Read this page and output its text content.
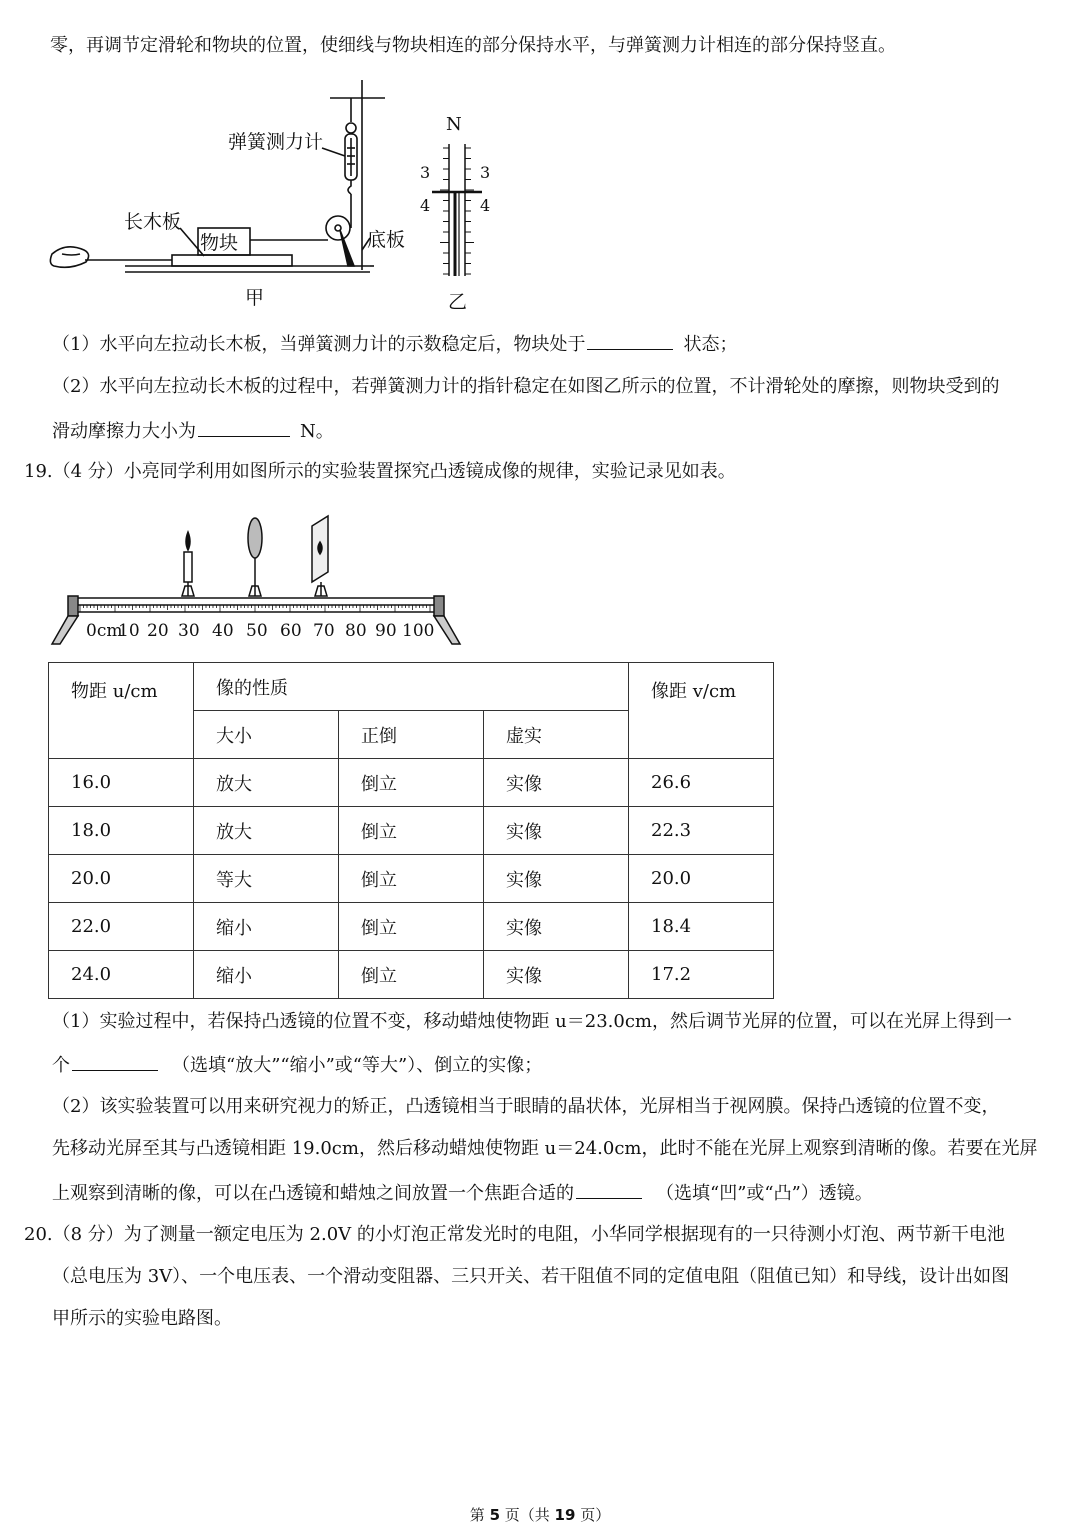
零，再调节定滑轮和物块的位置，使细线与物块相连的部分保持水平，与弹簧测力计相连的部分保持竖直。
弹簧测力计
长木板
物块	底板
甲
N
3	3
4	4
乙
（1）水平向左拉动长木板，当弹簧测力计的示数稳定后，物块处于	状态；
（2）水平向左拉动长木板的过程中，若弹簧测力计的指针稳定在如图乙所示的位置，不计滑轮处的摩擦，则物块受到的
滑动摩擦力大小为	N。
19.（4 分）小亮同学利用如图所示的实验装置探究凸透镜成像的规律，实验记录见如表。
0cm
10 20 30 40 50 60 70 80 90 100
物距 u/cm	像的性质			像距 v/cm
	大小	正倒	虚实	
16.0	放大	倒立	实像	26.6
18.0	放大	倒立	实像	22.3
20.0	等大	倒立	实像	20.0
22.0	缩小	倒立	实像	18.4
24.0	缩小	倒立	实像	17.2
（1）实验过程中，若保持凸透镜的位置不变，移动蜡烛使物距 u＝23.0cm，然后调节光屏的位置，可以在光屏上得到一
个	（选填“放大”“缩小”或“等大”）、倒立的实像；
（2）该实验装置可以用来研究视力的矫正，凸透镜相当于眼睛的晶状体，光屏相当于视网膜。保持凸透镜的位置不变，
先移动光屏至其与凸透镜相距 19.0cm，然后移动蜡烛使物距 u＝24.0cm，此时不能在光屏上观察到清晰的像。若要在光屏
上观察到清晰的像，可以在凸透镜和蜡烛之间放置一个焦距合适的	（选填“凹”或“凸”）透镜。
20.（8 分）为了测量一额定电压为 2.0V 的小灯泡正常发光时的电阻，小华同学根据现有的一只待测小灯泡、两节新干电池
（总电压为 3V）、一个电压表、一个滑动变阻器、三只开关、若干阻值不同的定值电阻（阻值已知）和导线，设计出如图
甲所示的实验电路图。
第 5 页（共 19 页）
